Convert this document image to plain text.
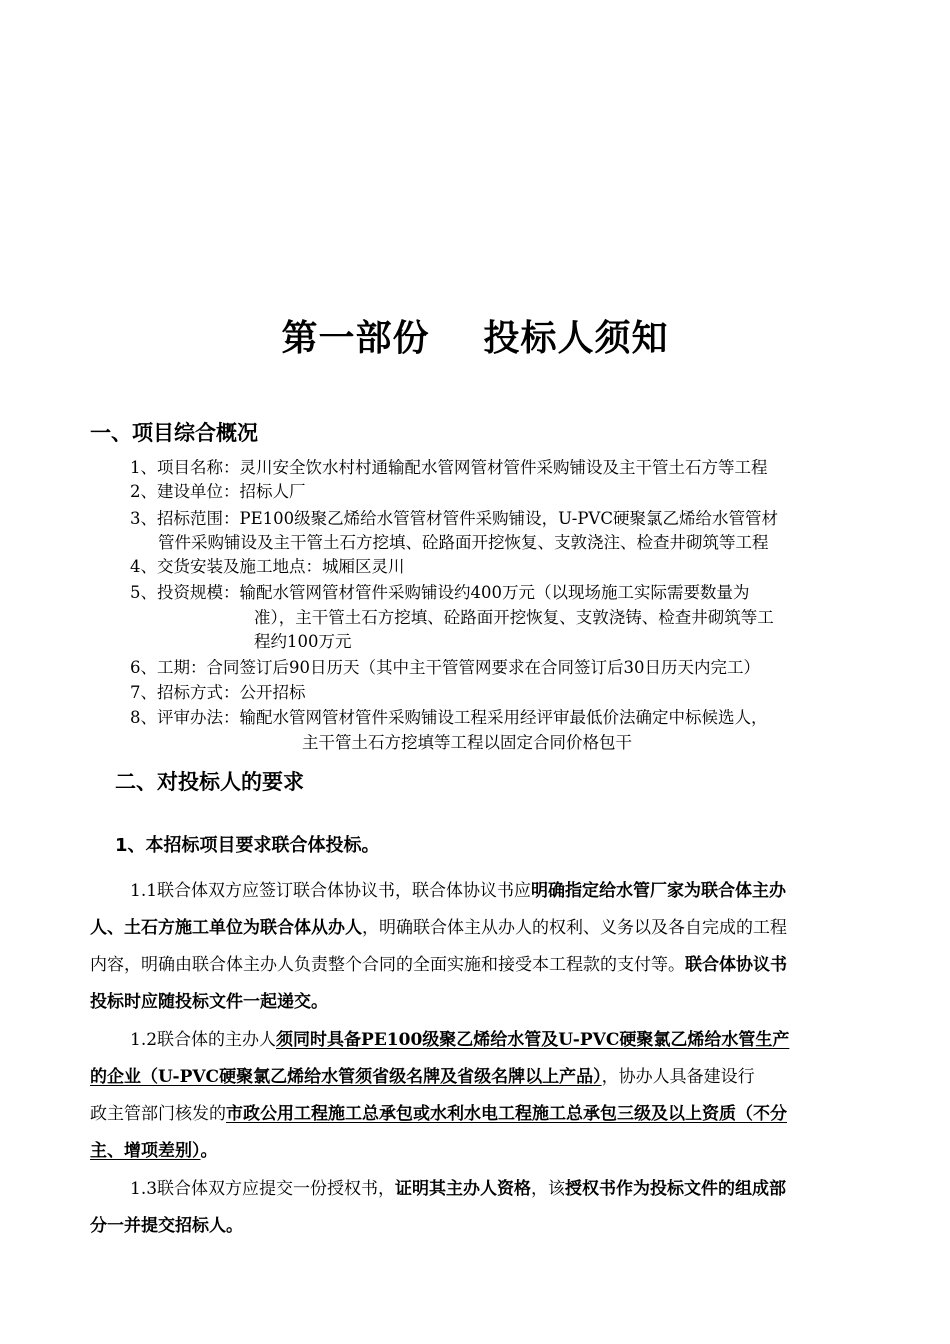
第一部份 投标人须知
一、项目综合概况
1、项目名称：灵川安全饮水村村通输配水管网管材管件采购铺设及主干管土石方等工程
2、建设单位：招标人厂
3、招标范围：PE100级聚乙烯给水管管材管件采购铺设，U-PVC硬聚氯乙烯给水管管材
管件采购铺设及主干管土石方挖填、砼路面开挖恢复、支敦浇注、检查井砌筑等工程
4、交货安装及施工地点：城厢区灵川
5、投资规模：输配水管网管材管件采购铺设约400万元（以现场施工实际需要数量为
准），主干管土石方挖填、砼路面开挖恢复、支敦浇铸、检查井砌筑等工
程约100万元
6、工期：合同签订后90日历天（其中主干管管网要求在合同签订后30日历天内完工）
7、招标方式：公开招标
8、评审办法：输配水管网管材管件采购铺设工程采用经评审最低价法确定中标候选人，
主干管土石方挖填等工程以固定合同价格包干
二、对投标人的要求
1、本招标项目要求联合体投标。
1.1联合体双方应签订联合体协议书，联合体协议书应明确指定给水管厂家为联合体主办
人、土石方施工单位为联合体从办人，明确联合体主从办人的权利、义务以及各自完成的工程
内容，明确由联合体主办人负责整个合同的全面实施和接受本工程款的支付等。联合体协议书
投标时应随投标文件一起递交。
1.2联合体的主办人须同时具备PE100级聚乙烯给水管及U-PVC硬聚氯乙烯给水管生产
的企业（U-PVC硬聚氯乙烯给水管须省级名牌及省级名牌以上产品），协办人具备建设行
政主管部门核发的市政公用工程施工总承包或水利水电工程施工总承包三级及以上资质（不分
主、增项差别）。
1.3联合体双方应提交一份授权书，证明其主办人资格，该授权书作为投标文件的组成部
分一并提交招标人。
